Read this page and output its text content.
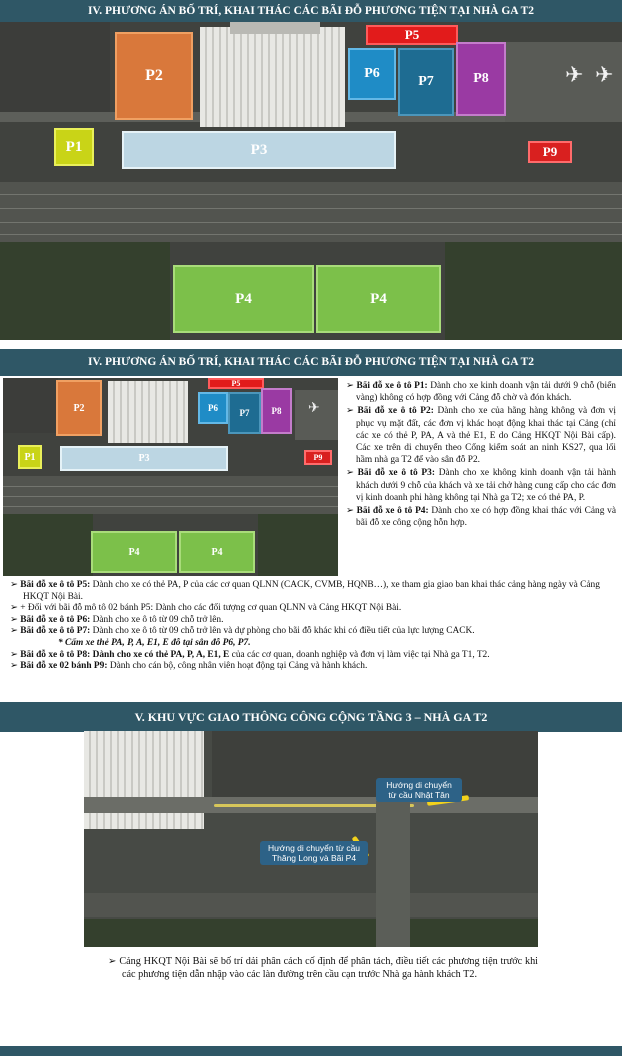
IV. PHƯƠNG ÁN BỐ TRÍ, KHAI THÁC CÁC BÃI ĐỖ PHƯƠNG TIỆN TẠI NHÀ GA T2
✈ ✈
P1
P2
P3
P4	P4
P5
P6
P7	P8
P9
IV. PHƯƠNG ÁN BỐ TRÍ, KHAI THÁC CÁC BÃI ĐỖ PHƯƠNG TIỆN TẠI NHÀ GA T2
✈
P1
P2
P3
P4	P4
P5
P6	P7	P8
P9

➢ Bãi đỗ xe ô tô P1: Dành cho xe kinh doanh vận tải dưới 9 chỗ (biển vàng) không có hợp đồng với Cảng đỗ chờ và đón khách.

➢ Bãi đỗ xe ô tô P2: Dành cho xe của hãng hàng không và đơn vị phục vụ mặt đất, các đơn vị khác hoạt động khai thác tại Cảng (chỉ các xe có thẻ P, PA, A và thẻ E1, E do Cảng HKQT Nội Bài cấp). Các xe trên di chuyển theo Cổng kiểm soát an ninh KS27, qua lối hầm nhà ga T2 để vào sân đỗ P2.

➢ Bãi đỗ xe ô tô P3: Dành cho xe không kinh doanh vận tải hành khách dưới 9 chỗ của khách và xe tải chở hàng cung cấp cho các đơn vị kinh doanh phi hàng không tại Nhà ga T2; xe có thẻ PA, P.

➢ Bãi đỗ xe ô tô P4: Dành cho xe có hợp đồng khai thác với Cảng và bãi đỗ xe công cộng hỗn hợp.

➢ Bãi đỗ xe ô tô P5: Dành cho xe có thẻ PA, P của các cơ quan QLNN (CACK, CVMB, HQNB…), xe tham gia giao ban khai thác cảng hàng ngày và Cảng HKQT Nội Bài.

➢ + Đối với bãi đỗ mô tô 02 bánh P5: Dành cho các đối tượng cơ quan QLNN và Cảng HKQT Nội Bài.

➢ Bãi đỗ xe ô tô P6: Dành cho xe ô tô từ 09 chỗ trở lên.

➢ Bãi đỗ xe ô tô P7: Dành cho xe ô tô từ 09 chỗ trở lên và dự phòng cho bãi đỗ khác khi có điều tiết của lực lượng CACK.

* Cấm xe thẻ PA, P, A, E1, E đỗ tại sân đỗ P6, P7.

➢ Bãi đỗ xe ô tô P8: Dành cho xe có thẻ PA, P, A, E1, E của các cơ quan, doanh nghiệp và đơn vị làm việc tại Nhà ga T1, T2.

➢ Bãi đỗ xe 02 bánh P9: Dành cho cán bộ, công nhân viên hoạt động tại Cảng và hành khách.

V. KHU VỰC GIAO THÔNG CÔNG CỘNG TẦNG 3 – NHÀ GA T2
Hướng di chuyển từ cầu Nhật Tân
Hướng di chuyển từ cầu Thăng Long và Bãi P4

➢ Cảng HKQT Nội Bài sẽ bố trí dải phân cách cố định để phân tách, điều tiết các phương tiện trước khi các phương tiện dẫn nhập vào các làn đường trên cầu cạn trước Nhà ga hành khách T2.
